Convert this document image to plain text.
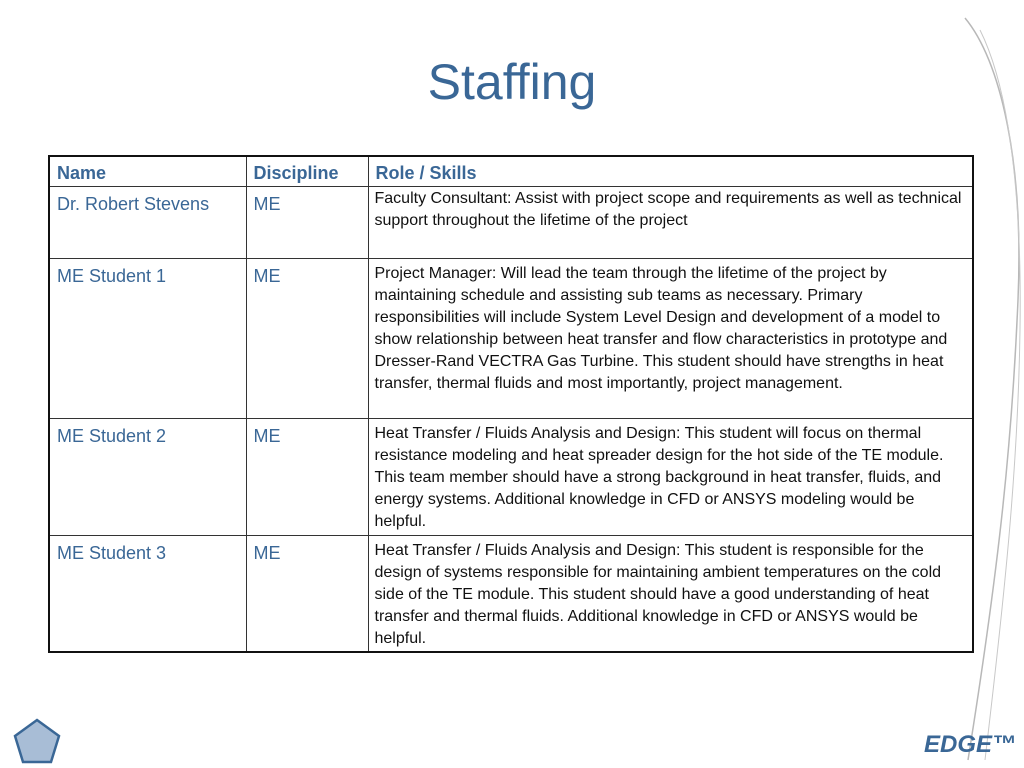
Staffing
Name	Discipline	Role / Skills
Dr. Robert Stevens	ME	Faculty Consultant: Assist with project scope and requirements as well as technical support throughout the lifetime of the project
ME Student 1	ME	Project Manager: Will lead the team through the lifetime of the project by maintaining schedule and assisting sub teams as necessary. Primary responsibilities will include System Level Design and development of a model to show relationship between heat transfer and flow characteristics in prototype and Dresser-Rand VECTRA Gas Turbine. This student should have strengths in heat transfer, thermal fluids and most importantly, project management.
ME Student 2	ME	Heat Transfer / Fluids Analysis and Design: This student will focus on thermal resistance modeling and heat spreader design for the hot side of the TE module. This team member should have a strong background in heat transfer, fluids, and energy systems. Additional knowledge in CFD or ANSYS modeling would be helpful.
ME Student 3	ME	Heat Transfer / Fluids Analysis and Design: This student is responsible for the design of systems responsible for maintaining ambient temperatures on the cold side of the TE module. This student should have a good understanding of heat transfer and thermal fluids. Additional knowledge in CFD or ANSYS would be helpful.
EDGE™
